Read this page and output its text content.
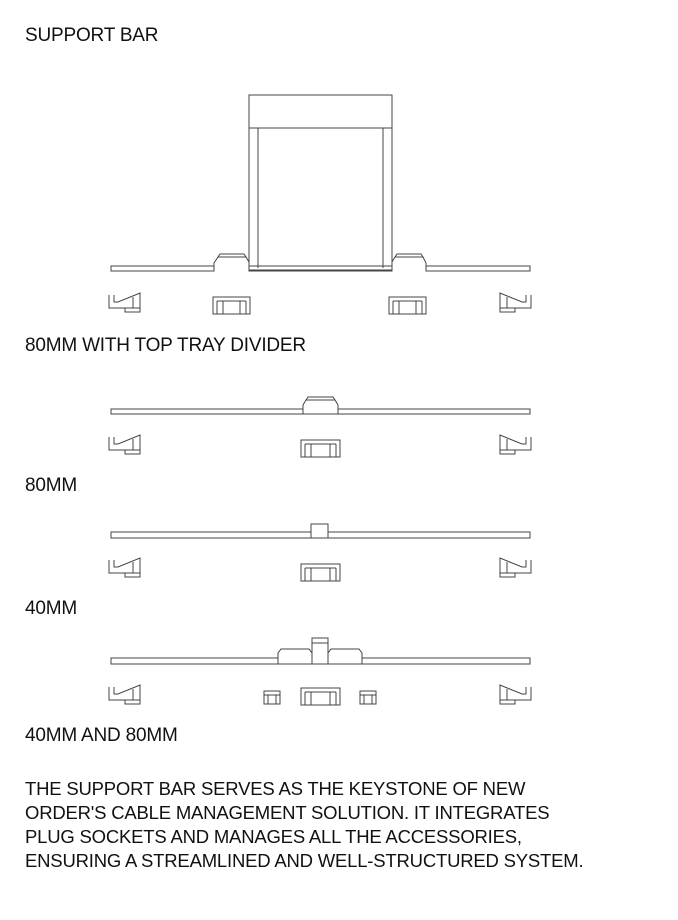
SUPPORT BAR
80MM WITH TOP TRAY DIVIDER
80MM
40MM
40MM AND 80MM

THE SUPPORT BAR SERVES AS THE KEYSTONE OF NEW
ORDER'S CABLE MANAGEMENT SOLUTION. IT INTEGRATES
PLUG SOCKETS AND MANAGES ALL THE ACCESSORIES,
ENSURING A STREAMLINED AND WELL-STRUCTURED SYSTEM.
